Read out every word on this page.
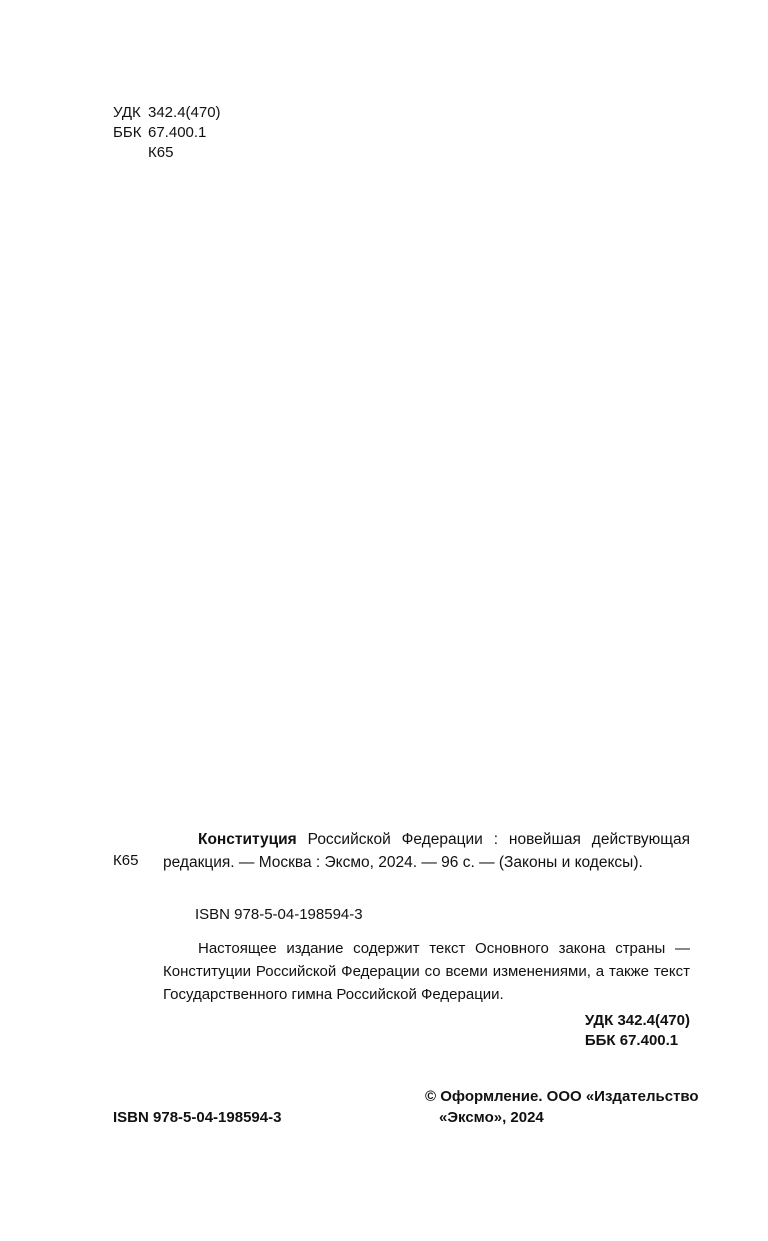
УДК 342.4(470)
ББК 67.400.1
К65
К65

Конституция Российской Федерации : новейшая действующая редакция. — Москва : Эксмо, 2024. — 96 с. — (Законы и кодексы).

ISBN 978-5-04-198594-3

Настоящее издание содержит текст Основного закона страны — Конституции Российской Федерации со всеми изменениями, а также текст Государственного гимна Российской Федерации.

УДК 342.4(470)
ББК 67.400.1
ISBN 978-5-04-198594-3
© Оформление. ООО «Издательство
«Эксмо», 2024
